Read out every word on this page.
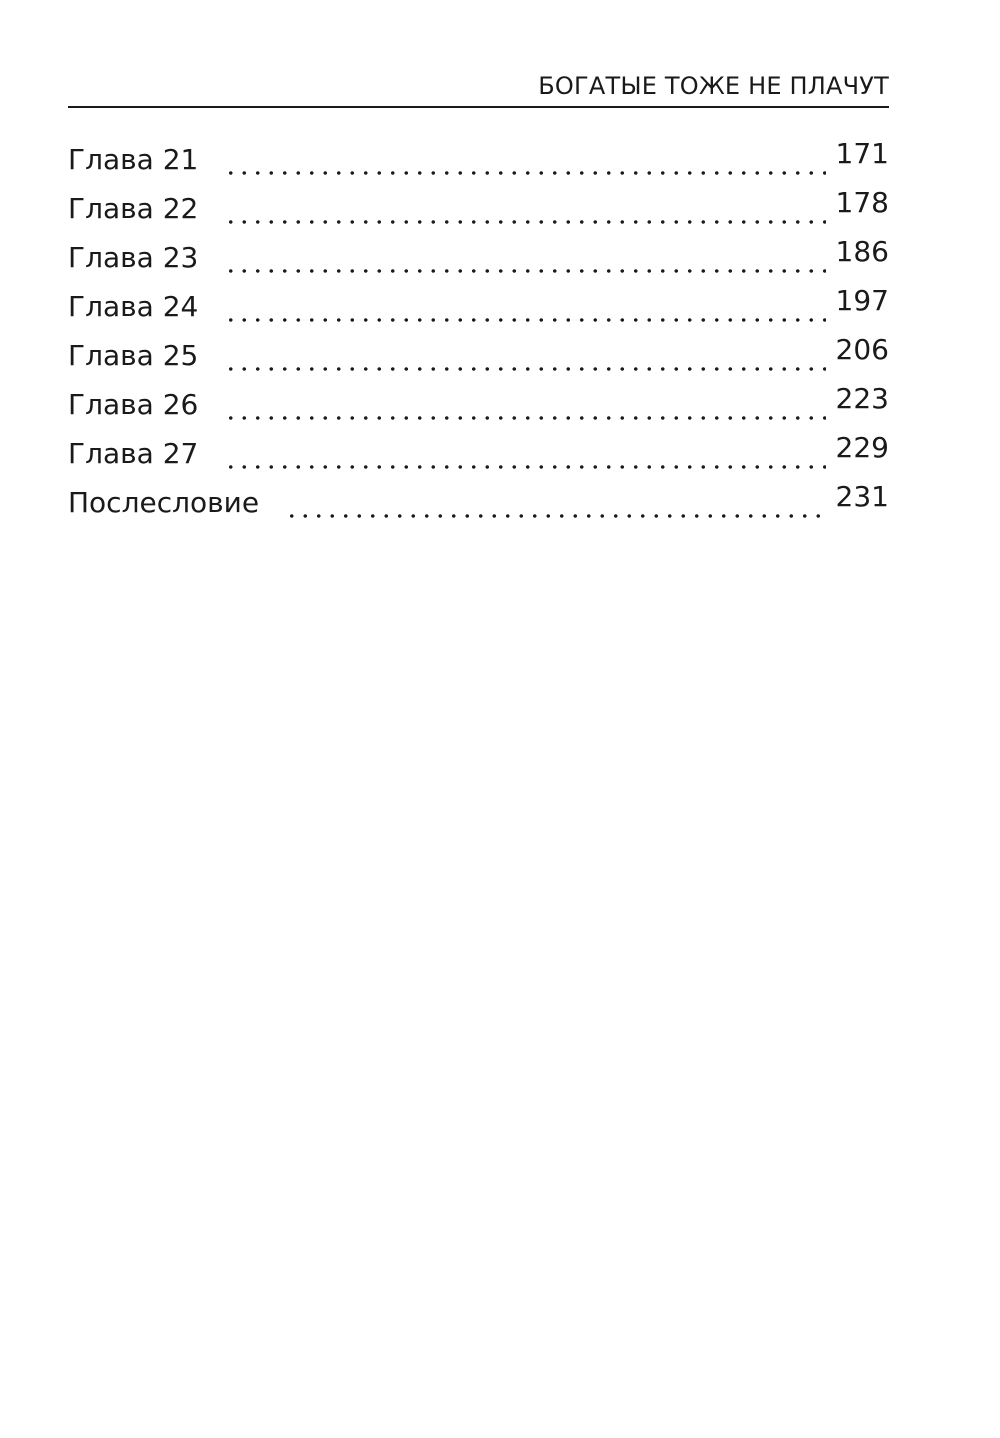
БОГАТЫЕ ТОЖЕ НЕ ПЛАЧУТ
Глава 21	171
Глава 22	178
Глава 23	186
Глава 24	197
Глава 25	206
Глава 26	223
Глава 27	229
Послесловие	231
